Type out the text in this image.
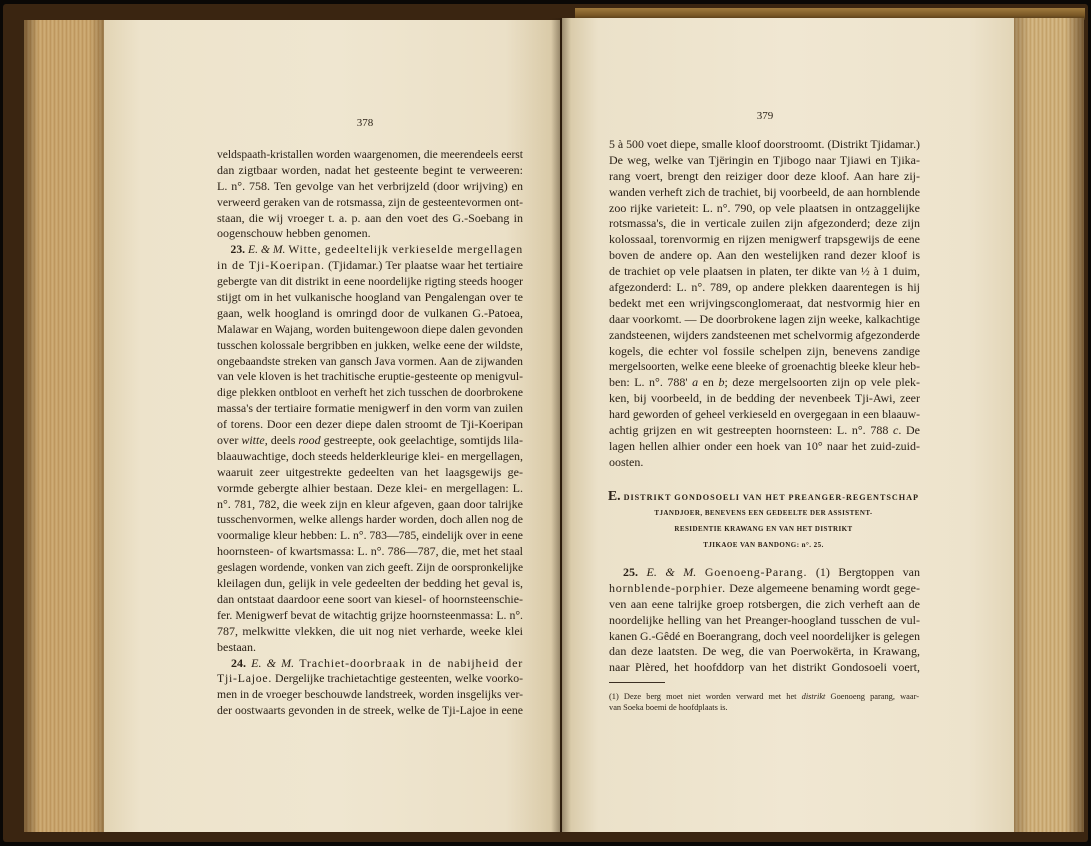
378
veldspaath-kristallen worden waargenomen, die meerendeels eerst
dan zigtbaar worden, nadat het gesteente begint te verweeren:
L. n°. 758. Ten gevolge van het verbrijzeld (door wrijving) en
verweerd geraken van de rotsmassa, zijn de gesteentevormen ont-
staan, die wij vroeger t. a. p. aan den voet des G.-Soebang in
oogenschouw hebben genomen.
23. E. & M. Witte, gedeeltelijk verkieselde mergellagen
in de Tji-Koeripan. (Tjidamar.) Ter plaatse waar het tertiaire
gebergte van dit distrikt in eene noordelijke rigting steeds hooger
stijgt om in het vulkanische hoogland van Pengalengan over te
gaan, welk hoogland is omringd door de vulkanen G.-Patoea,
Malawar en Wajang, worden buitengewoon diepe dalen gevonden
tusschen kolossale bergribben en jukken, welke eene der wildste,
ongebaandste streken van gansch Java vormen. Aan de zijwanden
van vele kloven is het trachitische eruptie-gesteente op menigvul-
dige plekken ontbloot en verheft het zich tusschen de doorbrokene
massa's der tertiaire formatie menigwerf in den vorm van zuilen
of torens. Door een dezer diepe dalen stroomt de Tji-Koeripan
over witte, deels rood gestreepte, ook geelachtige, somtijds lila-
blaauwachtige, doch steeds helderkleurige klei- en mergellagen,
waaruit zeer uitgestrekte gedeelten van het laagsgewijs ge-
vormde gebergte alhier bestaan. Deze klei- en mergellagen: L.
n°. 781, 782, die week zijn en kleur afgeven, gaan door talrijke
tusschenvormen, welke allengs harder worden, doch allen nog de
voormalige kleur hebben: L. n°. 783—785, eindelijk over in eene
hoornsteen- of kwartsmassa: L. n°. 786—787, die, met het staal
geslagen wordende, vonken van zich geeft. Zijn de oorspronkelijke
kleilagen dun, gelijk in vele gedeelten der bedding het geval is,
dan ontstaat daardoor eene soort van kiesel- of hoornsteenschie-
fer. Menigwerf bevat de witachtig grijze hoornsteenmassa: L. n°.
787, melkwitte vlekken, die uit nog niet verharde, weeke klei
bestaan.
24. E. & M. Trachiet-doorbraak in de nabijheid der
Tji-Lajoe. Dergelijke trachietachtige gesteenten, welke voorko-
men in de vroeger beschouwde landstreek, worden insgelijks ver-
der oostwaarts gevonden in de streek, welke de Tji-Lajoe in eene
379
5 à 500 voet diepe, smalle kloof doorstroomt. (Distrikt Tjidamar.)
De weg, welke van Tjëringin en Tjibogo naar Tjiawi en Tjika-
rang voert, brengt den reiziger door deze kloof. Aan hare zij-
wanden verheft zich de trachiet, bij voorbeeld, de aan hornblende
zoo rijke varieteit: L. n°. 790, op vele plaatsen in ontzaggelijke
rotsmassa's, die in verticale zuilen zijn afgezonderd; deze zijn
kolossaal, torenvormig en rijzen menigwerf trapsgewijs de eene
boven de andere op. Aan den westelijken rand dezer kloof is
de trachiet op vele plaatsen in platen, ter dikte van ½ à 1 duim,
afgezonderd: L. n°. 789, op andere plekken daarentegen is hij
bedekt met een wrijvingsconglomeraat, dat nestvormig hier en
daar voorkomt. — De doorbrokene lagen zijn weeke, kalkachtige
zandsteenen, wijders zandsteenen met schelvormig afgezonderde
kogels, die echter vol fossile schelpen zijn, benevens zandige
mergelsoorten, welke eene bleeke of groenachtig bleeke kleur heb-
ben: L. n°. 788' a en b; deze mergelsoorten zijn op vele plek-
ken, bij voorbeeld, in de bedding der nevenbeek Tji-Awi, zeer
hard geworden of geheel verkieseld en overgegaan in een blaauw-
achtig grijzen en wit gestreepten hoornsteen: L. n°. 788 c. De
lagen hellen alhier onder een hoek van 10° naar het zuid-zuid-
oosten.
E. DISTRIKT GONDOSOELI VAN HET PREANGER-REGENTSCHAP
TJANDJOER, BENEVENS EEN GEDEELTE DER ASSISTENT-
RESIDENTIE KRAWANG EN VAN HET DISTRIKT
TJIKAOE VAN BANDONG: n°. 25.
25. E. & M. Goenoeng-Parang. (1) Bergtoppen van
hornblende-porphier. Deze algemeene benaming wordt gege-
ven aan eene talrijke groep rotsbergen, die zich verheft aan de
noordelijke helling van het Preanger-hoogland tusschen de vul-
kanen G.-Gêdé en Boerangrang, doch veel noordelijker is gelegen
dan deze laatsten. De weg, die van Poerwokërta, in Krawang,
naar Plèred, het hoofddorp van het distrikt Gondosoeli voert,
(1) Deze berg moet niet worden verward met het distrikt Goenoeng parang, waar-
van Soeka boemi de hoofdplaats is.
